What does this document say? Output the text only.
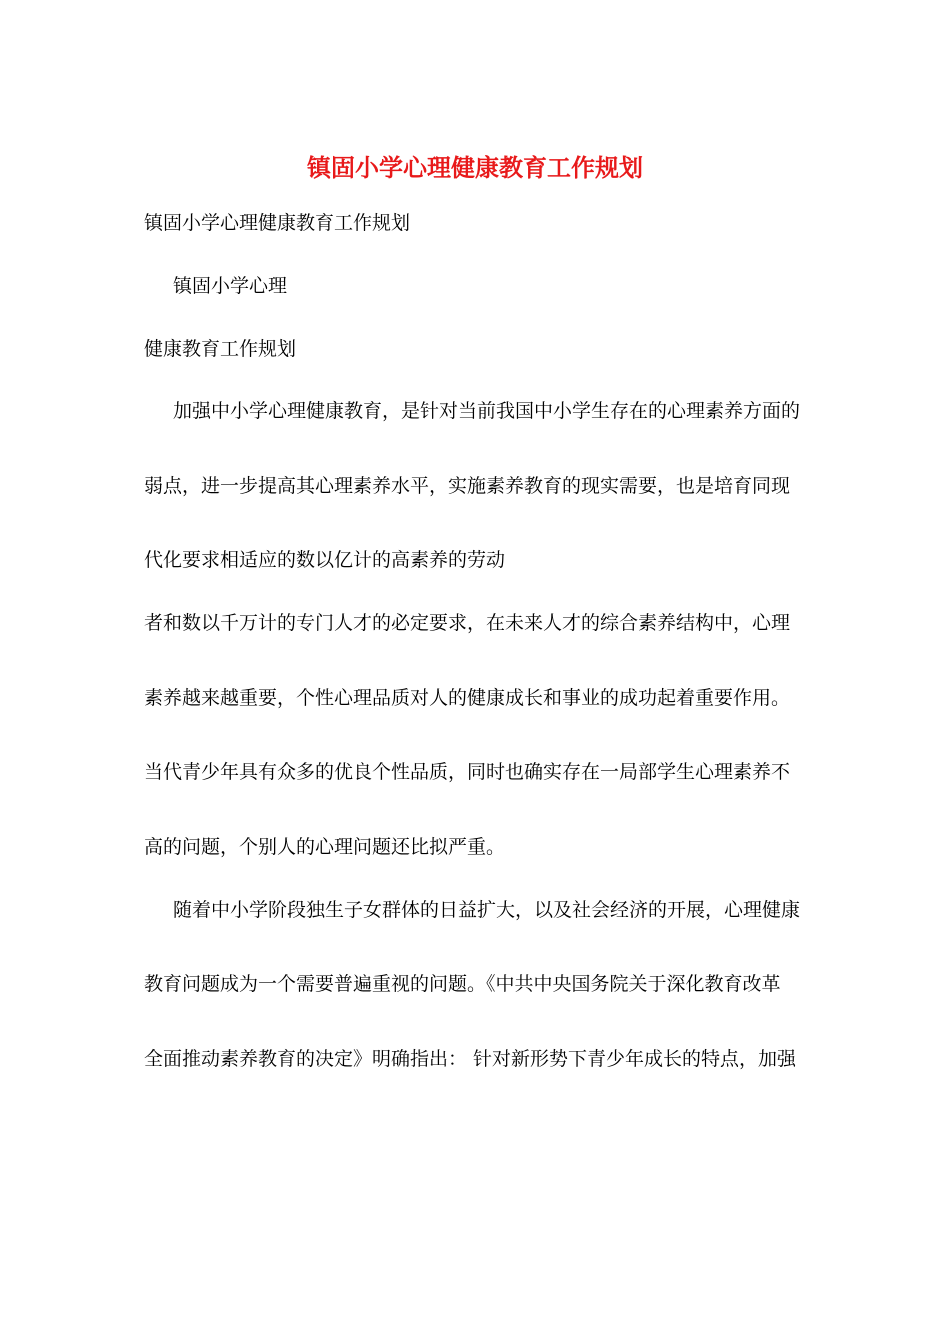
镇固小学心理健康教育工作规划
镇固小学心理健康教育工作规划
镇固小学心理
健康教育工作规划
加强中小学心理健康教育，是针对当前我国中小学生存在的心理素养方面的
弱点，进一步提高其心理素养水平，实施素养教育的现实需要，也是培育同现
代化要求相适应的数以亿计的高素养的劳动
者和数以千万计的专门人才的必定要求，在未来人才的综合素养结构中，心理
素养越来越重要，个性心理品质对人的健康成长和事业的成功起着重要作用。
当代青少年具有众多的优良个性品质，同时也确实存在一局部学生心理素养不
高的问题，个别人的心理问题还比拟严重。
随着中小学阶段独生子女群体的日益扩大，以及社会经济的开展，心理健康
教育问题成为一个需要普遍重视的问题。《中共中央国务院关于深化教育改革
全面推动素养教育的决定》明确指出： 针对新形势下青少年成长的特点，加强
